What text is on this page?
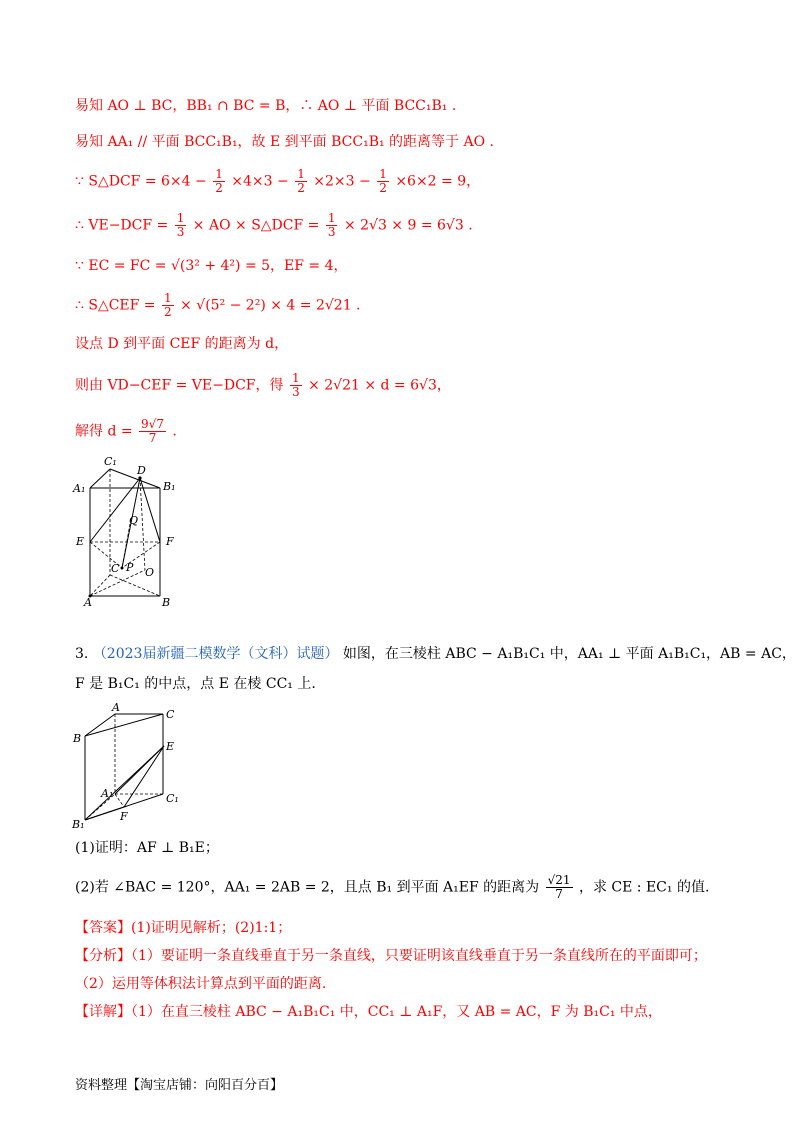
易知 AO ⊥ BC，BB₁ ∩ BC = B，∴ AO ⊥ 平面 BCC₁B₁ .
易知 AA₁ // 平面 BCC₁B₁，故 E 到平面 BCC₁B₁ 的距离等于 AO .
∵ S△DCF = $6\times 4 - \frac{1}{2} \times 4\times 3 - \frac{1}{2} \times 2\times 3 - \frac{1}{2} \times 6\times 2 = 9$，
∴ $VE-DCF = \frac{1}{3}$ × AO × S△DCF = $\frac{1}{3} \times 2√3 \times 9 = 6√3$ .
∵ EC = FC = √(3² + 4²) = 5，EF = 4，
∴ S△CEF = $\frac{1}{2} \times √(5^2 - 2^2) \times 4 = 2√21$ .
设点 D 到平面 CEF 的距离为 d，
则由 VD−CEF = VE−DCF，得 $\frac{1}{3} \times 2√21 \times d = 6√3$，
解得 $d = \frac{9√7}{7}$ .
C₁
D
B₁
A₁
Q
E	F
C P O
A	B
3. （2023届新疆二模数学（文科）试题） 如图，在三棱柱 ABC − A₁B₁C₁ 中，AA₁ ⊥ 平面 A₁B₁C₁，AB = AC，
F 是 B₁C₁ 的中点，点 E 在棱 CC₁ 上.
A
C
B
E
A₁	C₁
B₁
F
(1)证明：AF ⊥ B₁E；
(2)若 ∠BAC = 120°，AA₁ = 2AB = 2，且点 B₁ 到平面 A₁EF 的距离为 $\frac{√21}{7}$ ，求 CE : EC₁ 的值.
【答案】(1)证明见解析；(2)1:1；
【分析】（1）要证明一条直线垂直于另一条直线，只要证明该直线垂直于另一条直线所在的平面即可；
（2）运用等体积法计算点到平面的距离.
【详解】（1）在直三棱柱 ABC − A₁B₁C₁ 中，CC₁ ⊥ A₁F，又 AB = AC，F 为 B₁C₁ 中点，
资料整理【淘宝店铺：向阳百分百】
